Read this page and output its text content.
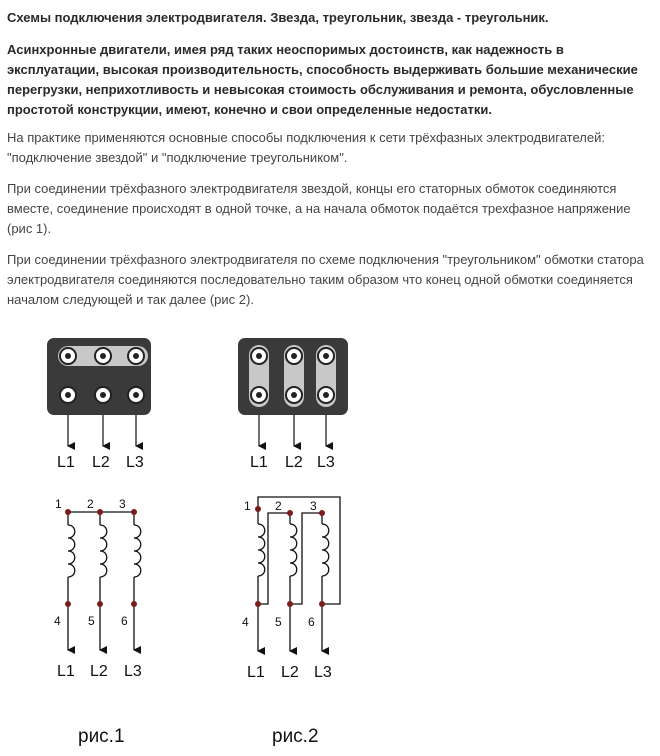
Схемы подключения электродвигателя. Звезда, треугольник, звезда - треугольник.
Асинхронные двигатели, имея ряд таких неоспоримых достоинств, как надежность в эксплуатации, высокая производительность, способность выдерживать большие механические перегрузки, неприхотливость и невысокая стоимость обслуживания и ремонта, обусловленные простотой конструкции, имеют, конечно и свои определенные недостатки.
На практике применяются основные способы подключения к сети трёхфазных электродвигателей: "подключение звездой" и "подключение треугольником".
При соединении трёхфазного электродвигателя звездой, концы его статорных обмоток соединяются вместе, соединение происходят в одной точке, а на начала обмоток подаётся трехфазное напряжение (рис 1).
При соединении трёхфазного электродвигателя по схеме подключения "треугольником" обмотки статора электродвигателя соединяются последовательно таким образом что конец одной обмотки соединяется началом следующей и так далее (рис 2).
L1 L2 L3	L1 L2 L3
1 2 3
4 5 6
L1 L2 L3
рис.1
1 2 3
4 5 6
L1 L2 L3
рис.2
